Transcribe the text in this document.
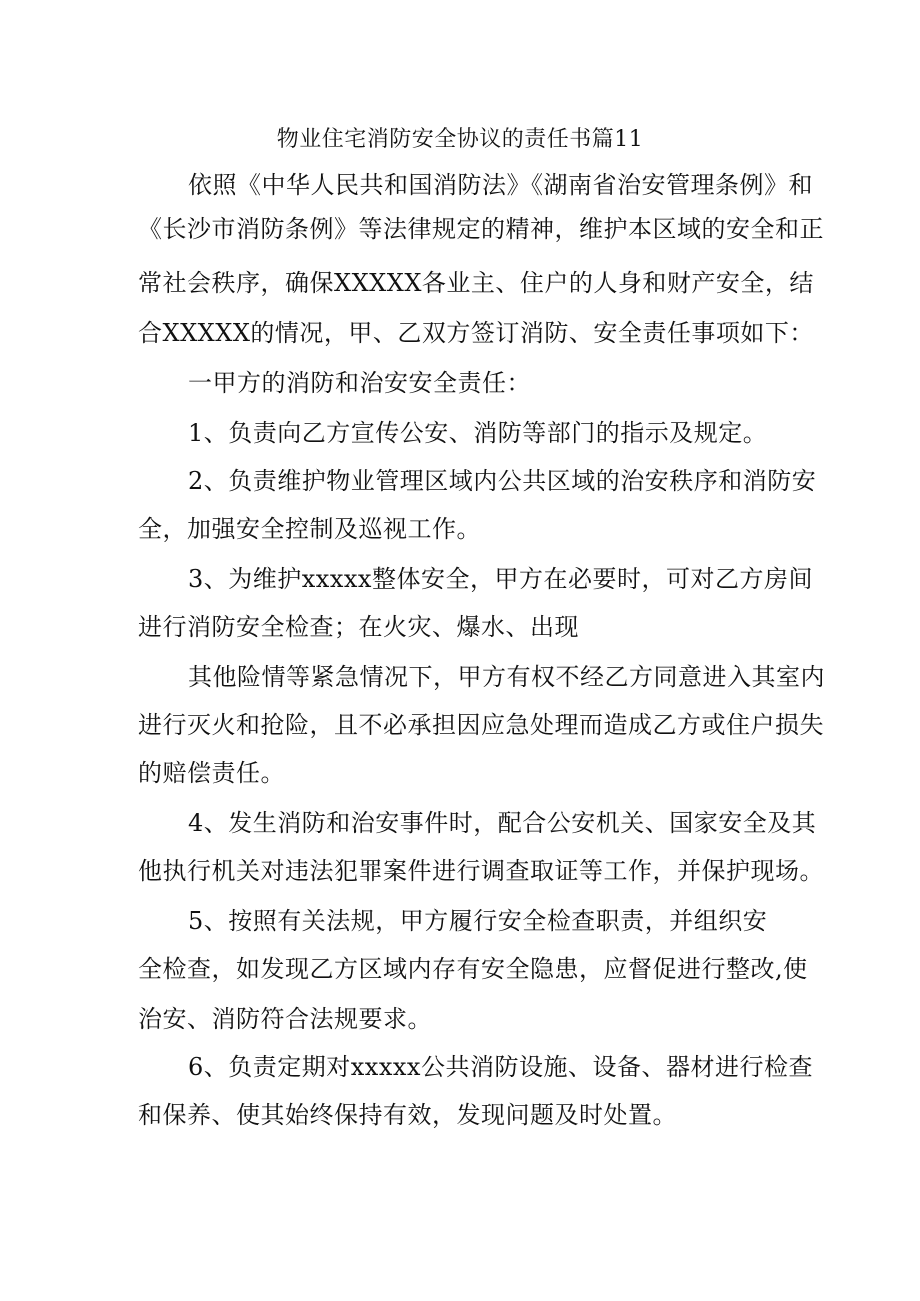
物业住宅消防安全协议的责任书篇11
依照《中华人民共和国消防法》《湖南省治安管理条例》和
《长沙市消防条例》等法律规定的精神，维护本区域的安全和正
常社会秩序，确保XXXXX各业主、住户的人身和财产安全，结
合XXXXX的情况，甲、乙双方签订消防、安全责任事项如下：
一甲方的消防和治安安全责任：
1、负责向乙方宣传公安、消防等部门的指示及规定。
2、负责维护物业管理区域内公共区域的治安秩序和消防安
全，加强安全控制及巡视工作。
3、为维护xxxxx整体安全，甲方在必要时，可对乙方房间
进行消防安全检查；在火灾、爆水、出现
其他险情等紧急情况下，甲方有权不经乙方同意进入其室内
进行灭火和抢险，且不必承担因应急处理而造成乙方或住户损失
的赔偿责任。
4、发生消防和治安事件时，配合公安机关、国家安全及其
他执行机关对违法犯罪案件进行调查取证等工作，并保护现场。
5、按照有关法规，甲方履行安全检查职责，并组织安
全检查，如发现乙方区域内存有安全隐患，应督促进行整改,使
治安、消防符合法规要求。
6、负责定期对xxxxx公共消防设施、设备、器材进行检查
和保养、使其始终保持有效，发现问题及时处置。
